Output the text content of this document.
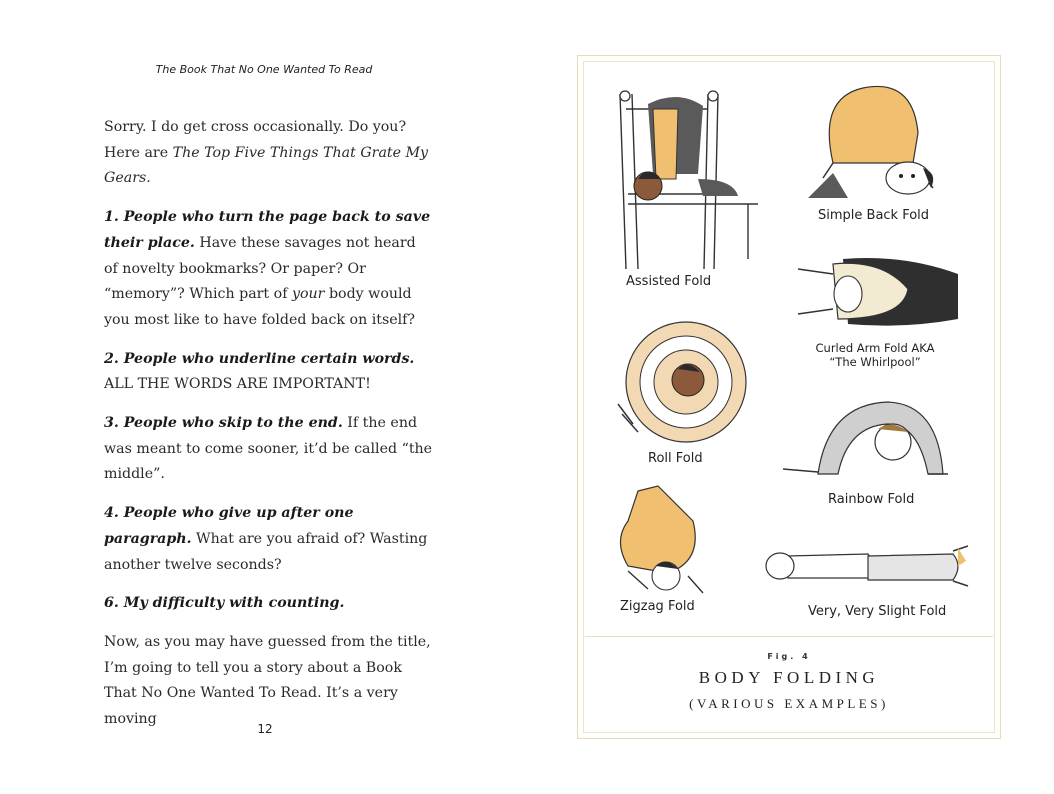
The Book That No One Wanted To Read

Sorry. I do get cross occasionally. Do you? Here are The Top Five Things That Grate My Gears.

1. People who turn the page back to save their place. Have these savages not heard of novelty bookmarks? Or paper? Or “memory”? Which part of your body would you most like to have folded back on itself?

2. People who underline certain words. ALL THE WORDS ARE IMPORTANT!

3. People who skip to the end. If the end was meant to come sooner, it’d be called “the middle”.

4. People who give up after one paragraph. What are you afraid of? Wasting another twelve seconds?

6. My difficulty with counting.

Now, as you may have guessed from the title, I’m going to tell you a story about a Book That No One Wanted To Read. It’s a very moving

12
Assisted Fold
Simple Back Fold
Curled Arm Fold AKA
“The Whirlpool”
Roll Fold
Rainbow Fold
Zigzag Fold	Very, Very Slight Fold
Fig. 4
BODY FOLDING
(VARIOUS EXAMPLES)
